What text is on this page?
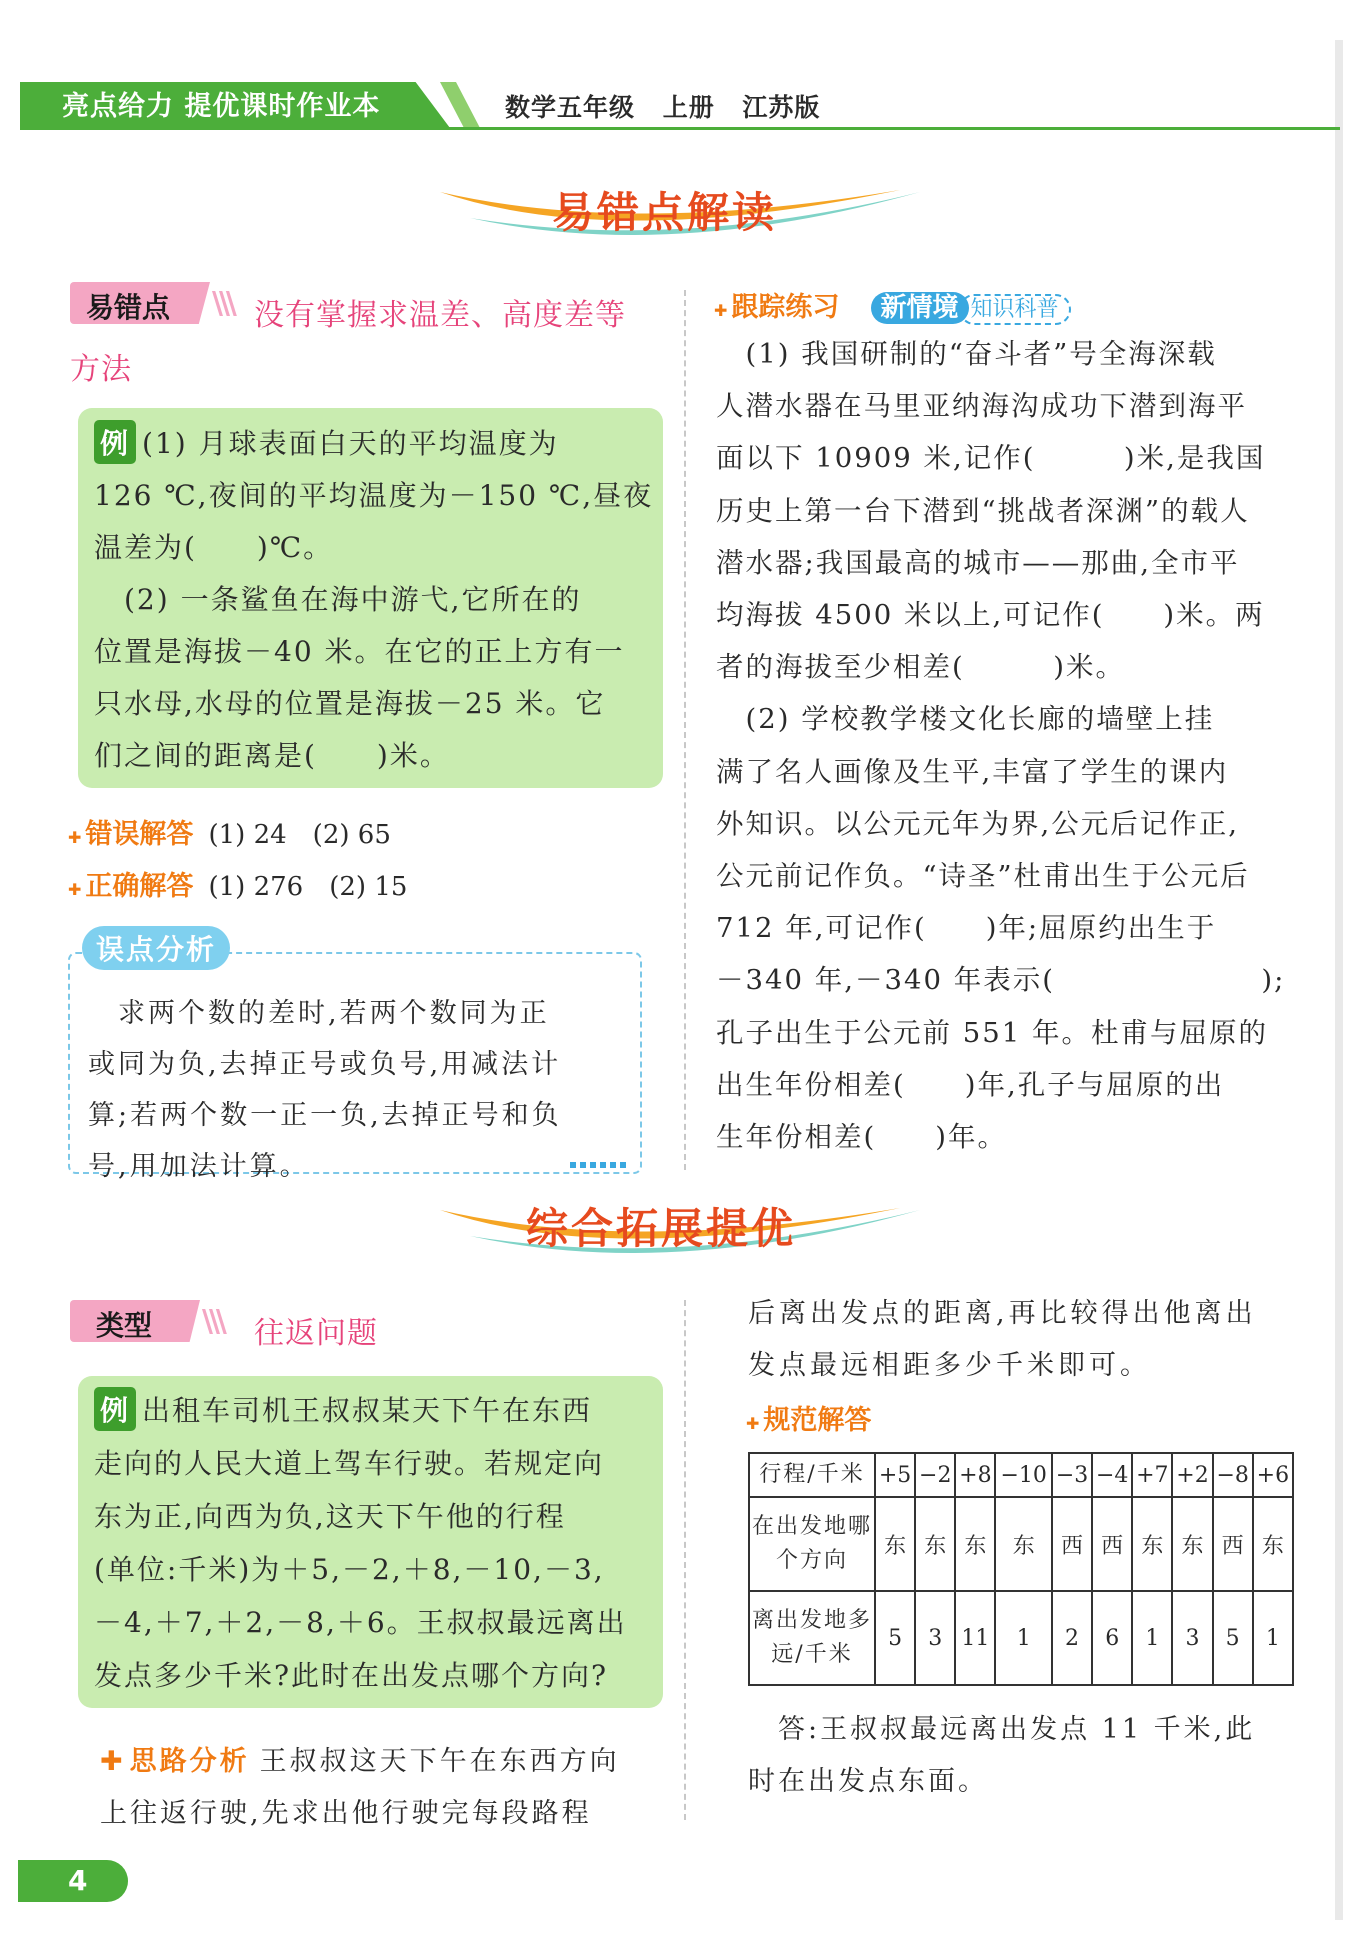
亮点给力 提优课时作业本	数学五年级 上册 江苏版
易错点解读
易错点 \\\ 没有掌握求温差、高度差等
方法
例 (1) 月球表面白天的平均温度为
126 ℃,夜间的平均温度为－150 ℃,昼夜
温差为(　　)℃。
　(2) 一条鲨鱼在海中游弋,它所在的
位置是海拔－40 米。在它的正上方有一
只水母,水母的位置是海拔－25 米。它
们之间的距离是(　　)米。
✚ 错误解答 (1) 24　(2) 65
✚ 正确解答 (1) 276　(2) 15
　求两个数的差时,若两个数同为正
或同为负,去掉正号或负号,用减法计
算;若两个数一正一负,去掉正号和负
号,用加法计算。
误点分析
✚ 跟踪练习 新情境 知识科普
　(1) 我国研制的“奋斗者”号全海深载
人潜水器在马里亚纳海沟成功下潜到海平
面以下 10909 米,记作(　　　)米,是我国
历史上第一台下潜到“挑战者深渊”的载人
潜水器;我国最高的城市——那曲,全市平
均海拔 4500 米以上,可记作(　　)米。两
者的海拔至少相差(　　　)米。
　(2) 学校教学楼文化长廊的墙壁上挂
满了名人画像及生平,丰富了学生的课内
外知识。以公元元年为界,公元后记作正,
公元前记作负。“诗圣”杜甫出生于公元后
712 年,可记作(　　)年;屈原约出生于
－340 年,－340 年表示(　　　　　　　);
孔子出生于公元前 551 年。杜甫与屈原的
出生年份相差(　　)年,孔子与屈原的出
生年份相差(　　)年。
综合拓展提优
类型 \\\ 往返问题
例 出租车司机王叔叔某天下午在东西
走向的人民大道上驾车行驶。若规定向
东为正,向西为负,这天下午他的行程
(单位:千米)为＋5,－2,＋8,－10,－3,
－4,＋7,＋2,－8,＋6。王叔叔最远离出
发点多少千米?此时在出发点哪个方向?
✚ 思路分析 王叔叔这天下午在东西方向
上往返行驶,先求出他行驶完每段路程
后离出发点的距离,再比较得出他离出
发点最远相距多少千米即可。
✚ 规范解答
行程/千米	+5	−2	+8	−10	−3	−4	+7	+2	−8	+6
在出发地哪个方向	东	东	东	东	西	西	东	东	西	东
离出发地多远/千米	5	3	11	1	2	6	1	3	5	1
　答:王叔叔最远离出发点 11 千米,此
时在出发点东面。
4
